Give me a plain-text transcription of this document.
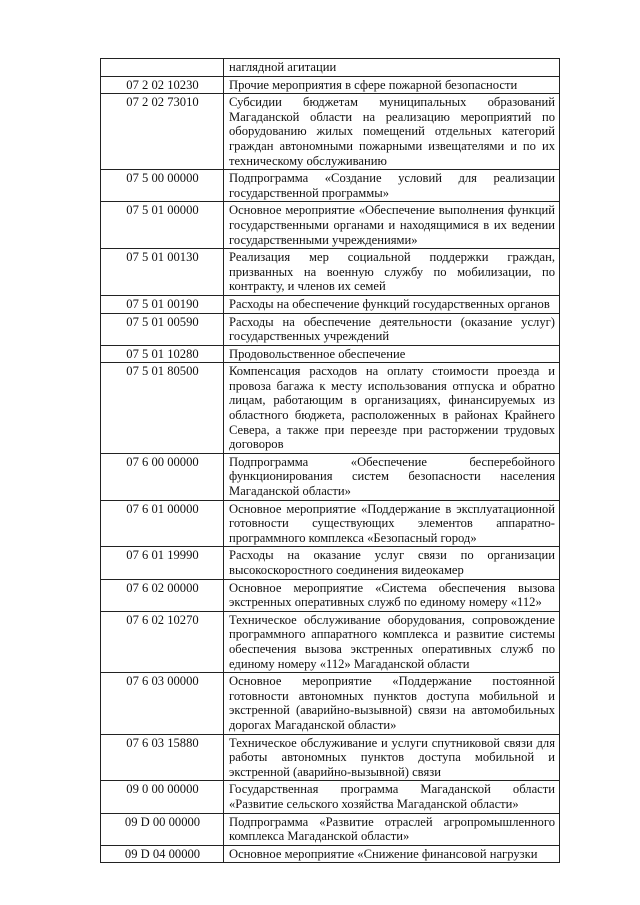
	наглядной агитации
07 2 02 10230	Прочие мероприятия в сфере пожарной безопасности
07 2 02 73010	Субсидии бюджетам муниципальных образований Магаданской области на реализацию мероприятий по оборудованию жилых помещений отдельных категорий граждан автономными пожарными извещателями и по их техническому обслуживанию
07 5 00 00000	Подпрограмма «Создание условий для реализации государственной программы»
07 5 01 00000	Основное мероприятие «Обеспечение выполнения функций государственными органами и находящимися в их ведении государственными учреждениями»
07 5 01 00130	Реализация мер социальной поддержки граждан, призванных на военную службу по мобилизации, по контракту, и членов их семей
07 5 01 00190	Расходы на обеспечение функций государственных органов
07 5 01 00590	Расходы на обеспечение деятельности (оказание услуг) государственных учреждений
07 5 01 10280	Продовольственное обеспечение
07 5 01 80500	Компенсация расходов на оплату стоимости проезда и провоза багажа к месту использования отпуска и обратно лицам, работающим в организациях, финансируемых из областного бюджета, расположенных в районах Крайнего Севера, а также при переезде при расторжении трудовых договоров
07 6 00 00000	Подпрограмма «Обеспечение бесперебойного функционирования систем безопасности населения Магаданской области»
07 6 01 00000	Основное мероприятие «Поддержание в эксплуатационной готовности существующих элементов аппаратно-программного комплекса «Безопасный город»
07 6 01 19990	Расходы на оказание услуг связи по организации высокоскоростного соединения видеокамер
07 6 02 00000	Основное мероприятие «Система обеспечения вызова экстренных оперативных служб по единому номеру «112»
07 6 02 10270	Техническое обслуживание оборудования, сопровождение программного аппаратного комплекса и развитие системы обеспечения вызова экстренных оперативных служб по единому номеру «112» Магаданской области
07 6 03 00000	Основное мероприятие «Поддержание постоянной готовности автономных пунктов доступа мобильной и экстренной (аварийно-вызывной) связи на автомобильных дорогах Магаданской области»
07 6 03 15880	Техническое обслуживание и услуги спутниковой связи для работы автономных пунктов доступа мобильной и экстренной (аварийно-вызывной) связи
09 0 00 00000	Государственная программа Магаданской области «Развитие сельского хозяйства Магаданской области»
09 D 00 00000	Подпрограмма «Развитие отраслей агропромышленного комплекса Магаданской области»
09 D 04 00000	Основное мероприятие «Снижение финансовой нагрузки
